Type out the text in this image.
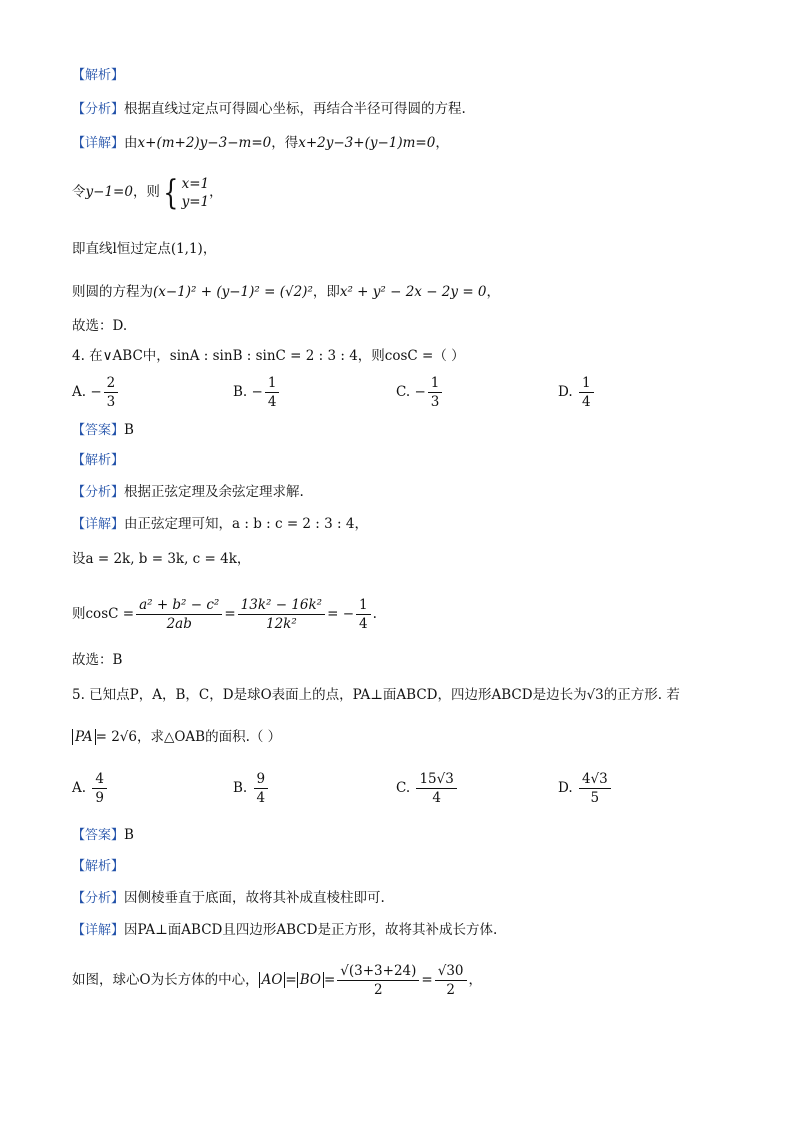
【解析】
【分析】根据直线过定点可得圆心坐标，再结合半径可得圆的方程.
【详解】由x+(m+2)y−3−m=0，得x+2y−3+(y−1)m=0，
令y−1=0，则{ x=1
y=1
，
即直线l恒过定点(1,1)，
则圆的方程为(x−1)² + (y−1)² = (√2)²，即x² + y² − 2x − 2y = 0，
故选：D.
4. 在∨ABC中，sinA : sinB : sinC = 2 : 3 : 4，则cosC =（ ）
A. − $\frac{2}{3}$	B. − $\frac{1}{4}$	C. − $\frac{1}{3}$	D. $\frac{1}{4}$
【答案】B
【解析】
【分析】根据正弦定理及余弦定理求解.
【详解】由正弦定理可知，a : b : c = 2 : 3 : 4，
设a = 2k, b = 3k, c = 4k，
则$\cos C = \frac{\text{a² + b² − c²}}{2ab} = \frac{\text{13k² − 16k²}}{\text{12k²}}$ = − $\frac{1}{4}$ .
故选：B
5. 已知点P，A，B，C，D是球O表面上的点，PA⊥面ABCD，四边形ABCD是边长为√3的正方形. 若
PA = 2√6，求△OAB的面积.（ ）
A. $\frac{4}{9}$	B. $\frac{9}{4}$	C. $\frac{15√3}{4}$	D. $\frac{4√3}{5}$
【答案】B
【解析】
【分析】因侧棱垂直于底面，故将其补成直棱柱即可.
【详解】因PA⊥面ABCD且四边形ABCD是正方形，故将其补成长方体.
如图，球心O为长方体的中心， AO = BO = $\frac{√(3+3+24)}{2} = \frac{√30}{2}$ ，
